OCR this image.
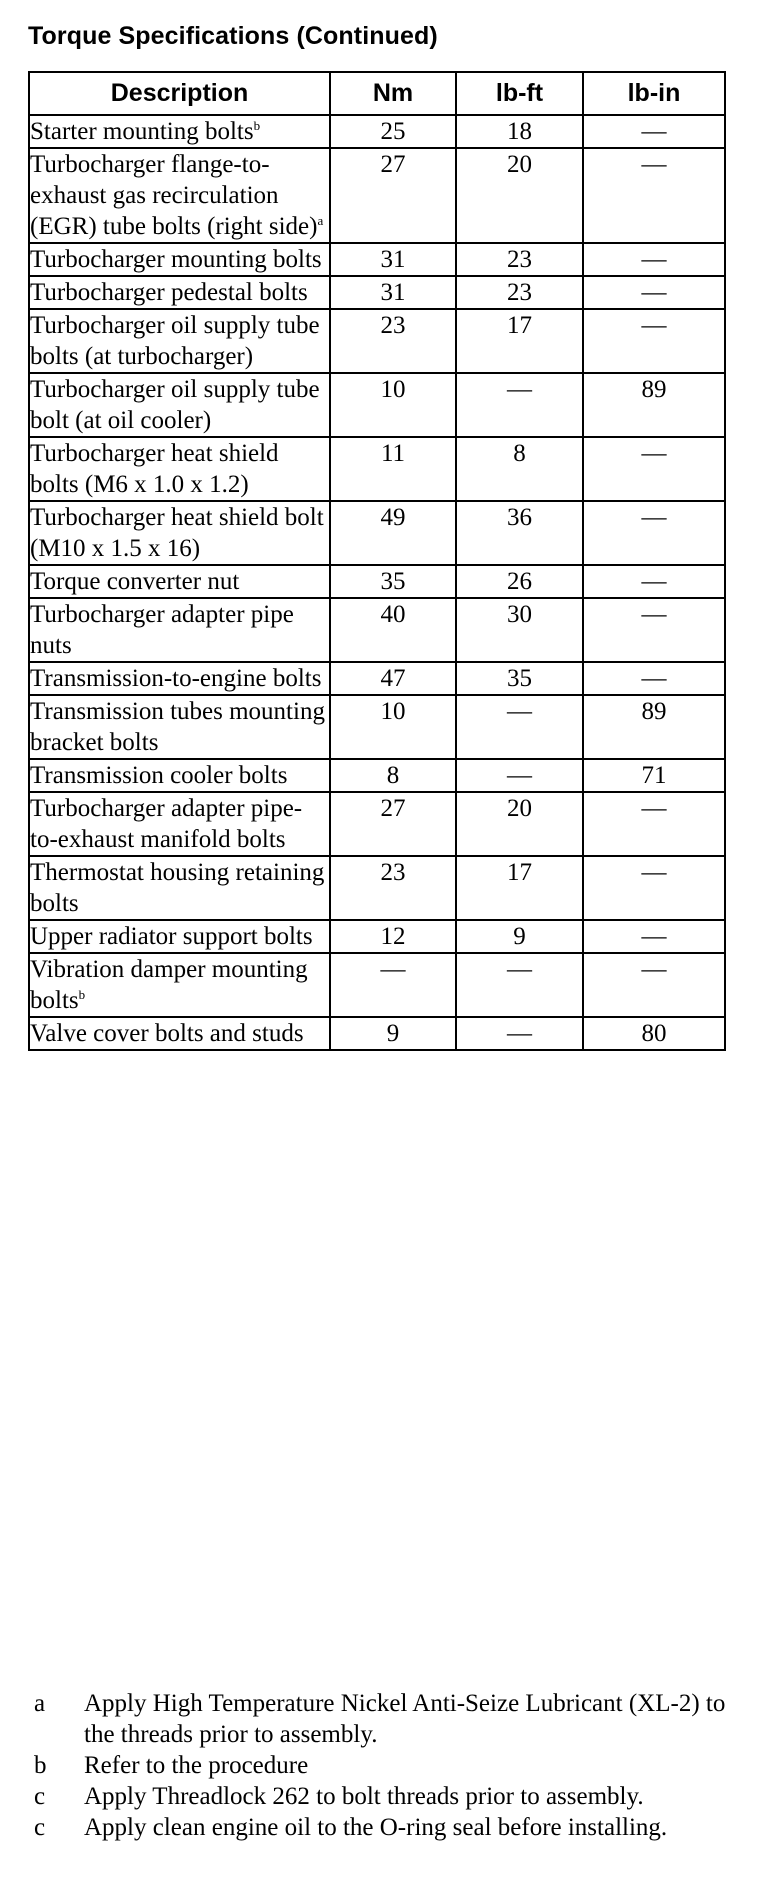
Torque Specifications (Continued)
Description	Nm	lb-ft	lb-in
Starter mounting bolts$^b$	25	18	—
Turbocharger flange-to-exhaust gas recirculation (EGR) tube bolts (right side)$^a$	27	20	—
Turbocharger mounting bolts	31	23	—
Turbocharger pedestal bolts	31	23	—
Turbocharger oil supply tube bolts (at turbocharger)	23	17	—
Turbocharger oil supply tube bolt (at oil cooler)	10	—	89
Turbocharger heat shield bolts (M6 x 1.0 x 1.2)	11	8	—
Turbocharger heat shield bolt (M10 x 1.5 x 16)	49	36	—
Torque converter nut	35	26	—
Turbocharger adapter pipe nuts	40	30	—
Transmission-to-engine bolts	47	35	—
Transmission tubes mounting bracket bolts	10	—	89
Transmission cooler bolts	8	—	71
Turbocharger adapter pipe-to-exhaust manifold bolts	27	20	—
Thermostat housing retaining bolts	23	17	—
Upper radiator support bolts	12	9	—
Vibration damper mounting bolts$^b$	—	—	—
Valve cover bolts and studs	9	—	80
a	Apply High Temperature Nickel Anti-Seize Lubricant (XL-2) to the threads prior to assembly.
b	Refer to the procedure
c	Apply Threadlock 262 to bolt threads prior to assembly.
c	Apply clean engine oil to the O-ring seal before installing.
